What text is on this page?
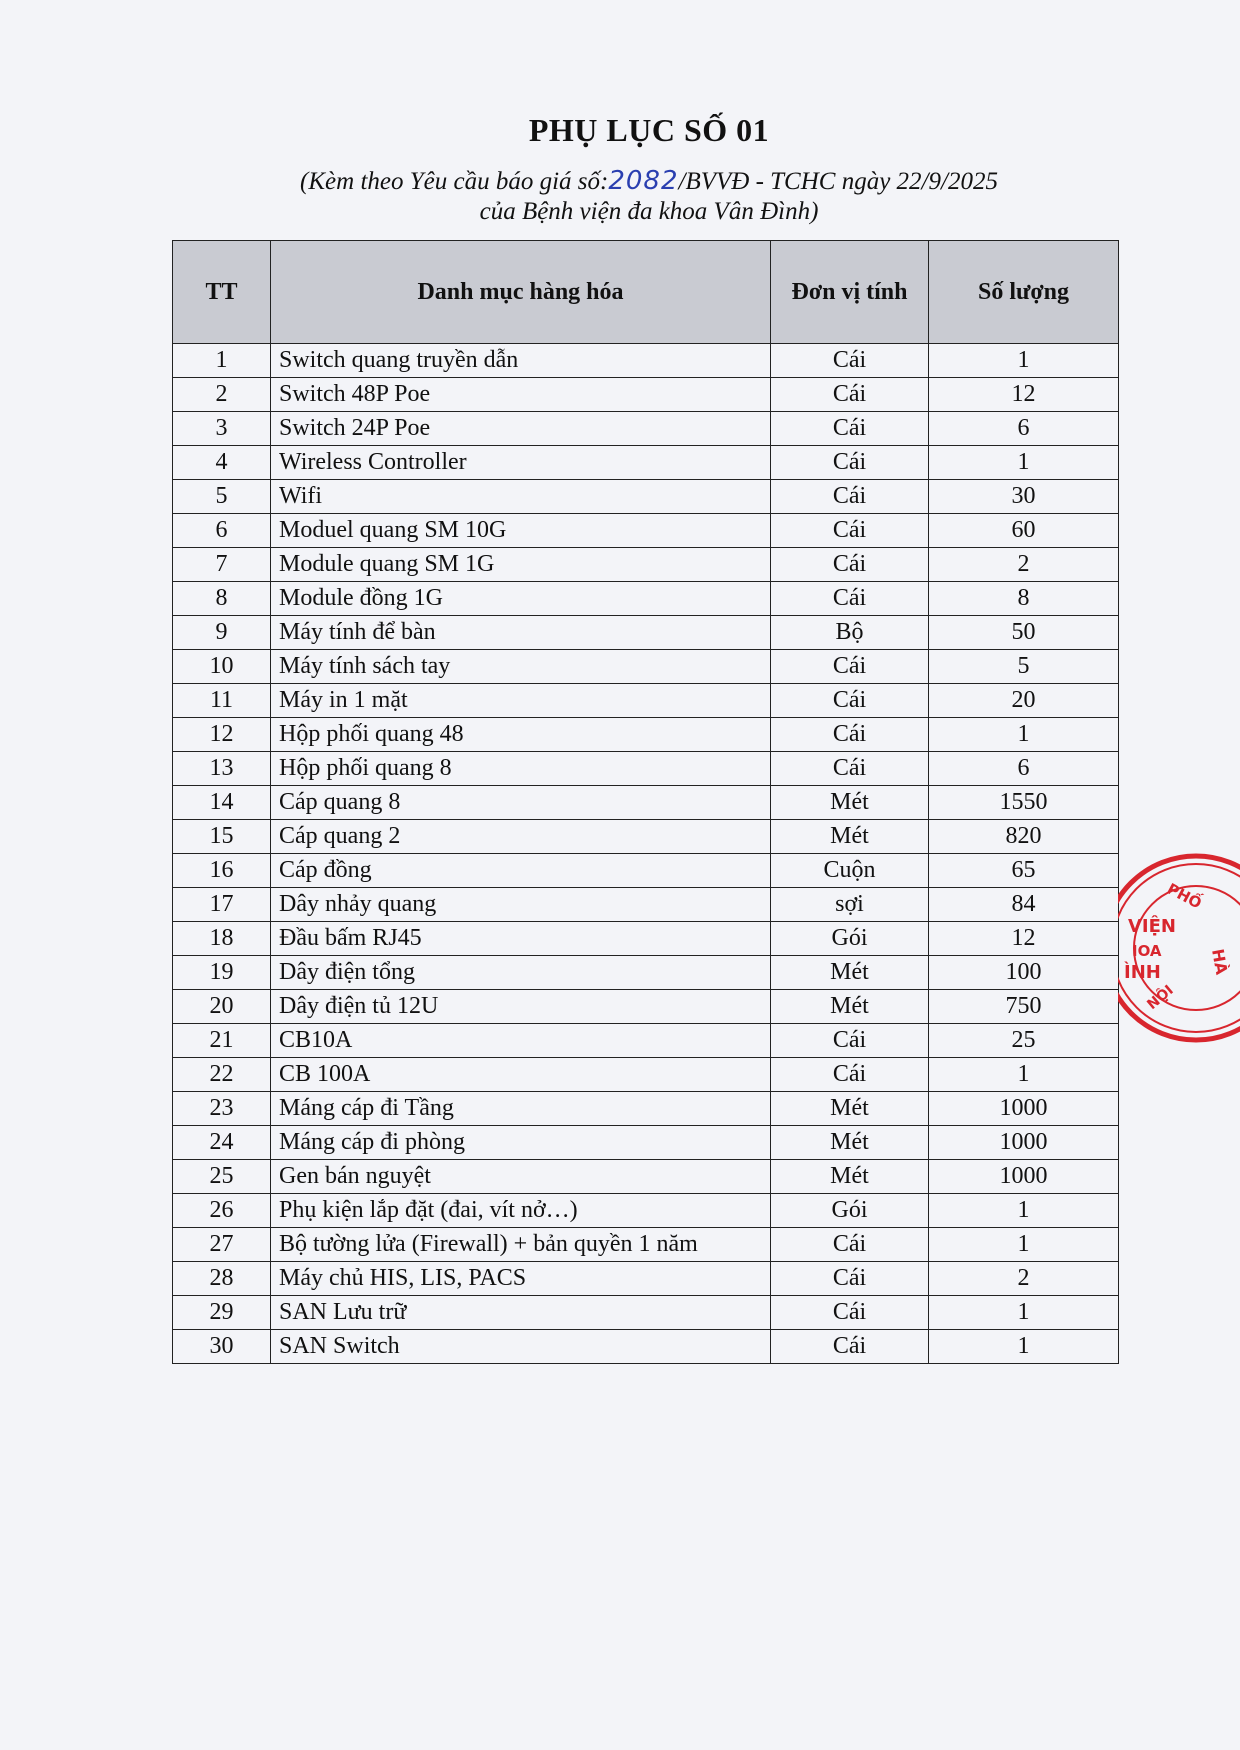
PHỤ LỤC SỐ 01
(Kèm theo Yêu cầu báo giá số:2082/BVVĐ - TCHC ngày 22/9/2025
của Bệnh viện đa khoa Vân Đình)
TT	Danh mục hàng hóa	Đơn vị tính	Số lượng
1	Switch quang truyền dẫn	Cái	1
2	Switch 48P Poe	Cái	12
3	Switch 24P Poe	Cái	6
4	Wireless Controller	Cái	1
5	Wifi	Cái	30
6	Moduel quang SM 10G	Cái	60
7	Module quang SM 1G	Cái	2
8	Module đồng 1G	Cái	8
9	Máy tính để bàn	Bộ	50
10	Máy tính sách tay	Cái	5
11	Máy in 1 mặt	Cái	20
12	Hộp phối quang 48	Cái	1
13	Hộp phối quang 8	Cái	6
14	Cáp quang 8	Mét	1550
15	Cáp quang 2	Mét	820
16	Cáp đồng	Cuộn	65
17	Dây nhảy quang	sợi	84
18	Đầu bấm RJ45	Gói	12
19	Dây điện tổng	Mét	100
20	Dây điện tủ 12U	Mét	750
21	CB10A	Cái	25
22	CB 100A	Cái	1
23	Máng cáp đi Tầng	Mét	1000
24	Máng cáp đi phòng	Mét	1000
25	Gen bán nguyệt	Mét	1000
26	Phụ kiện lắp đặt (đai, vít nở…)	Gói	1
27	Bộ tường lửa (Firewall) + bản quyền 1 năm	Cái	1
28	Máy chủ HIS, LIS, PACS	Cái	2
29	SAN Lưu trữ	Cái	1
30	SAN Switch	Cái	1
PHỐ
VIỆN
IOA
ÌNH	HÀ
NỘI
